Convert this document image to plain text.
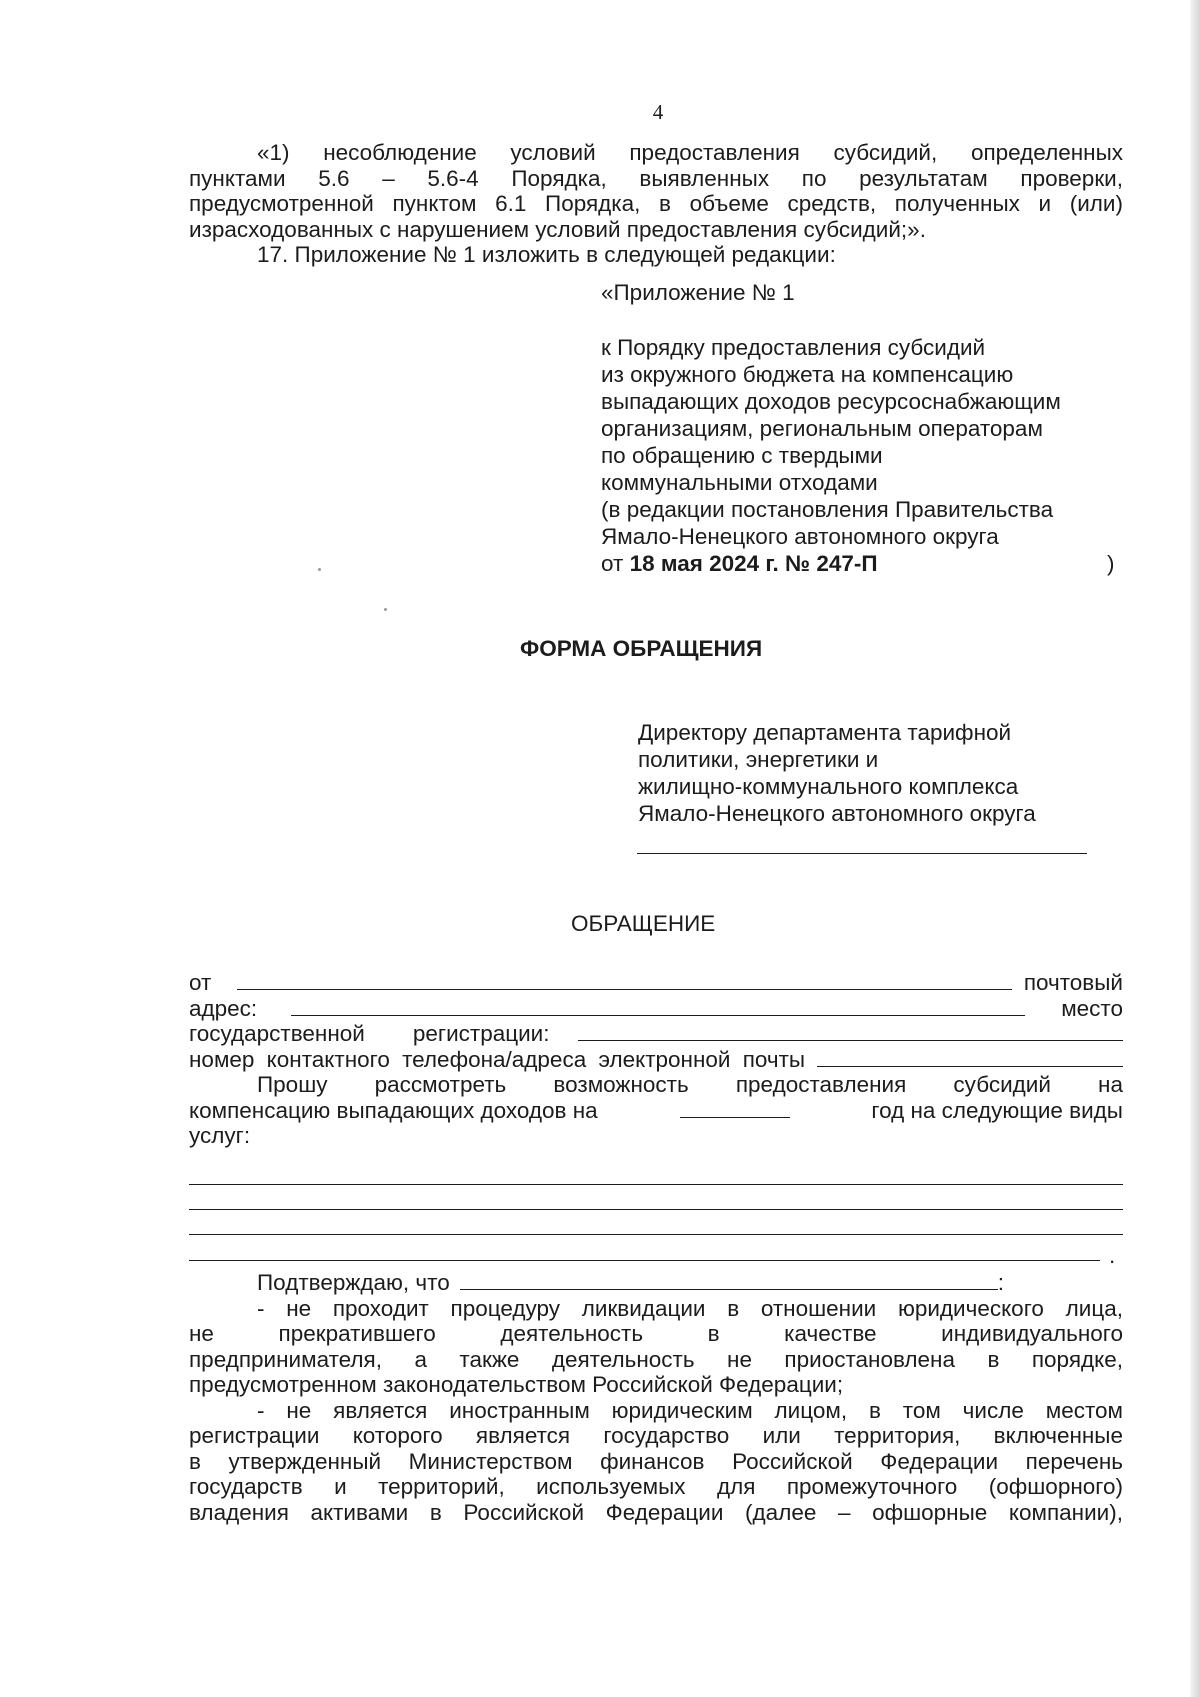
4
«1) несоблюдение условий предоставления субсидий, определенных
пунктами 5.6 – 5.6-4 Порядка, выявленных по результатам проверки,
предусмотренной пунктом 6.1 Порядка, в объеме средств, полученных и (или)
израсходованных с нарушением условий предоставления субсидий;».
17. Приложение № 1 изложить в следующей редакции:
«Приложение № 1
к Порядку предоставления субсидий
из окружного бюджета на компенсацию
выпадающих доходов ресурсоснабжающим
организациям, региональным операторам
по обращению с твердыми
коммунальными отходами
(в редакции постановления Правительства
Ямало-Ненецкого автономного округа
от 18 мая 2024 г. № 247-П	)
ФОРМА ОБРАЩЕНИЯ
Директору департамента тарифной
политики, энергетики и
жилищно-коммунального комплекса
Ямало-Ненецкого автономного округа
ОБРАЩЕНИЕ
от	почтовый
адрес:	место
государственной регистрации:
номер контактного телефона/адреса электронной почты
Прошу рассмотреть возможность предоставления субсидий на
компенсацию выпадающих доходов на	год на следующие виды
услуг:
.
Подтверждаю, что	:
- не проходит процедуру ликвидации в отношении юридического лица,
не прекратившего деятельность в качестве индивидуального
предпринимателя, а также деятельность не приостановлена в порядке,
предусмотренном законодательством Российской Федерации;
- не является иностранным юридическим лицом, в том числе местом
регистрации которого является государство или территория, включенные
в утвержденный Министерством финансов Российской Федерации перечень
государств и территорий, используемых для промежуточного (офшорного)
владения активами в Российской Федерации (далее – офшорные компании),
